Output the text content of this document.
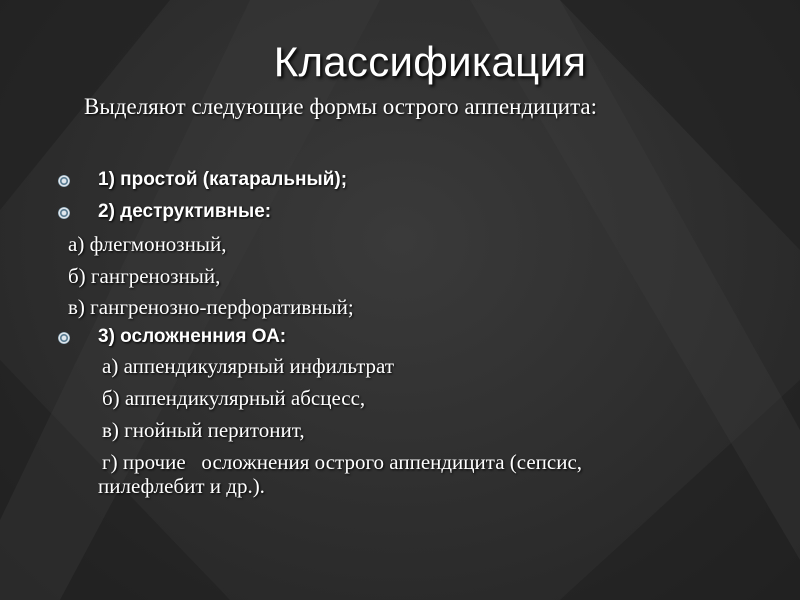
Классификация
Выделяют следующие формы острого аппендицита:
1) простой (катаральный);
2) деструктивные:
а) флегмонозный,
б) гангренозный,
в) гангренозно-перфоративный;
3) осложненния ОА:
а) аппендикулярный инфильтрат
б) аппендикулярный абсцесс,
в) гнойный перитонит,
г) прочие   осложнения острого аппендицита (сепсис,
пилефлебит и др.).
